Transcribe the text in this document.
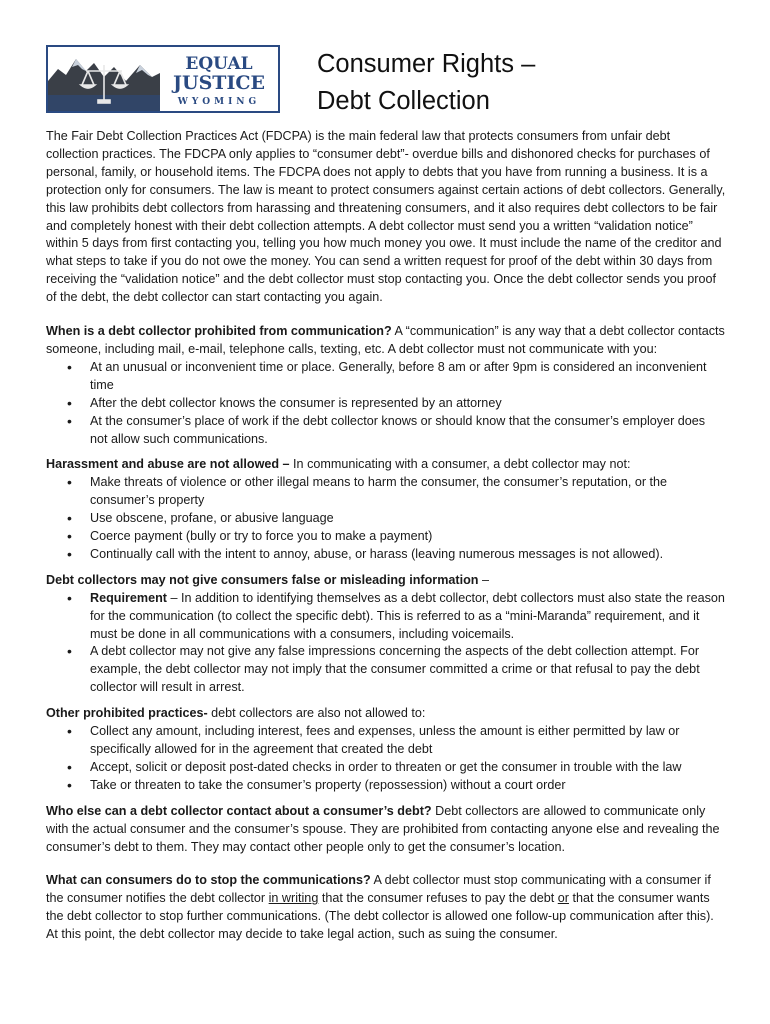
EQUAL
JUSTICE
WYOMING
Consumer Rights –
Debt Collection

The Fair Debt Collection Practices Act (FDCPA) is the main federal law that protects consumers from unfair debt collection practices. The FDCPA only applies to “consumer debt”- overdue bills and dishonored checks for purchases of personal, family, or household items. The FDCPA does not apply to debts that you have from running a business. It is a protection only for consumers. The law is meant to protect consumers against certain actions of debt collectors. Generally, this law prohibits debt collectors from harassing and threatening consumers, and it also requires debt collectors to be fair and completely honest with their debt collection attempts. A debt collector must send you a written “validation notice” within 5 days from first contacting you, telling you how much money you owe. It must include the name of the creditor and what steps to take if you do not owe the money. You can send a written request for proof of the debt within 30 days from receiving the “validation notice” and the debt collector must stop contacting you. Once the debt collector sends you proof of the debt, the debt collector can start contacting you again.

When is a debt collector prohibited from communication? A “communication” is any way that a debt collector contacts someone, including mail, e-mail, telephone calls, texting, etc. A debt collector must not communicate with you:

• At an unusual or inconvenient time or place. Generally, before 8 am or after 9pm is considered an inconvenient time
• After the debt collector knows the consumer is represented by an attorney
• At the consumer’s place of work if the debt collector knows or should know that the consumer’s employer does not allow such communications.

Harassment and abuse are not allowed – In communicating with a consumer, a debt collector may not:

• Make threats of violence or other illegal means to harm the consumer, the consumer’s reputation, or the consumer’s property
• Use obscene, profane, or abusive language
• Coerce payment (bully or try to force you to make a payment)
• Continually call with the intent to annoy, abuse, or harass (leaving numerous messages is not allowed).

Debt collectors may not give consumers false or misleading information –

• Requirement – In addition to identifying themselves as a debt collector, debt collectors must also state the reason for the communication (to collect the specific debt). This is referred to as a “mini-Maranda” requirement, and it must be done in all communications with a consumers, including voicemails.
• A debt collector may not give any false impressions concerning the aspects of the debt collection attempt. For example, the debt collector may not imply that the consumer committed a crime or that refusal to pay the debt collector will result in arrest.

Other prohibited practices- debt collectors are also not allowed to:

• Collect any amount, including interest, fees and expenses, unless the amount is either permitted by law or specifically allowed for in the agreement that created the debt
• Accept, solicit or deposit post-dated checks in order to threaten or get the consumer in trouble with the law
• Take or threaten to take the consumer’s property (repossession) without a court order

Who else can a debt collector contact about a consumer’s debt? Debt collectors are allowed to communicate only with the actual consumer and the consumer’s spouse. They are prohibited from contacting anyone else and revealing the consumer’s debt to them. They may contact other people only to get the consumer’s location.

What can consumers do to stop the communications? A debt collector must stop communicating with a consumer if the consumer notifies the debt collector in writing that the consumer refuses to pay the debt or that the consumer wants the debt collector to stop further communications. (The debt collector is allowed one follow-up communication after this). At this point, the debt collector may decide to take legal action, such as suing the consumer.
